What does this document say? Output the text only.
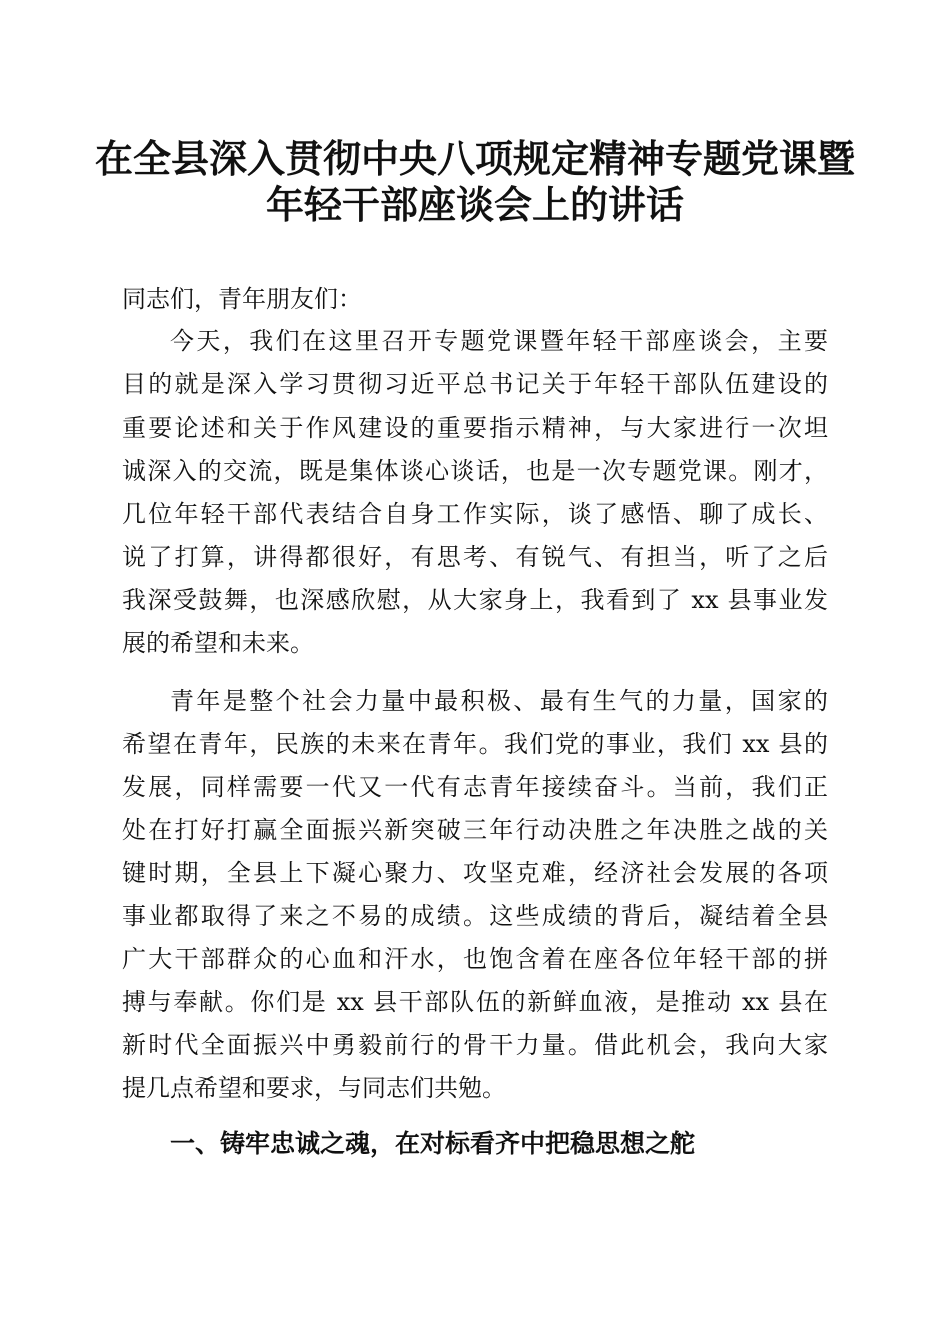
在全县深入贯彻中央八项规定精神专题党课暨
年轻干部座谈会上的讲话
同志们，青年朋友们：
今天，我们在这里召开专题党课暨年轻干部座谈会，主要
目的就是深入学习贯彻习近平总书记关于年轻干部队伍建设的
重要论述和关于作风建设的重要指示精神，与大家进行一次坦
诚深入的交流，既是集体谈心谈话，也是一次专题党课。刚才，
几位年轻干部代表结合自身工作实际，谈了感悟、聊了成长、
说了打算，讲得都很好，有思考、有锐气、有担当，听了之后
我深受鼓舞，也深感欣慰，从大家身上，我看到了 xx 县事业发
展的希望和未来。
青年是整个社会力量中最积极、最有生气的力量，国家的
希望在青年，民族的未来在青年。我们党的事业，我们 xx 县的
发展，同样需要一代又一代有志青年接续奋斗。当前，我们正
处在打好打赢全面振兴新突破三年行动决胜之年决胜之战的关
键时期，全县上下凝心聚力、攻坚克难，经济社会发展的各项
事业都取得了来之不易的成绩。这些成绩的背后，凝结着全县
广大干部群众的心血和汗水，也饱含着在座各位年轻干部的拼
搏与奉献。你们是 xx 县干部队伍的新鲜血液，是推动 xx 县在
新时代全面振兴中勇毅前行的骨干力量。借此机会，我向大家
提几点希望和要求，与同志们共勉。
一、铸牢忠诚之魂，在对标看齐中把稳思想之舵
